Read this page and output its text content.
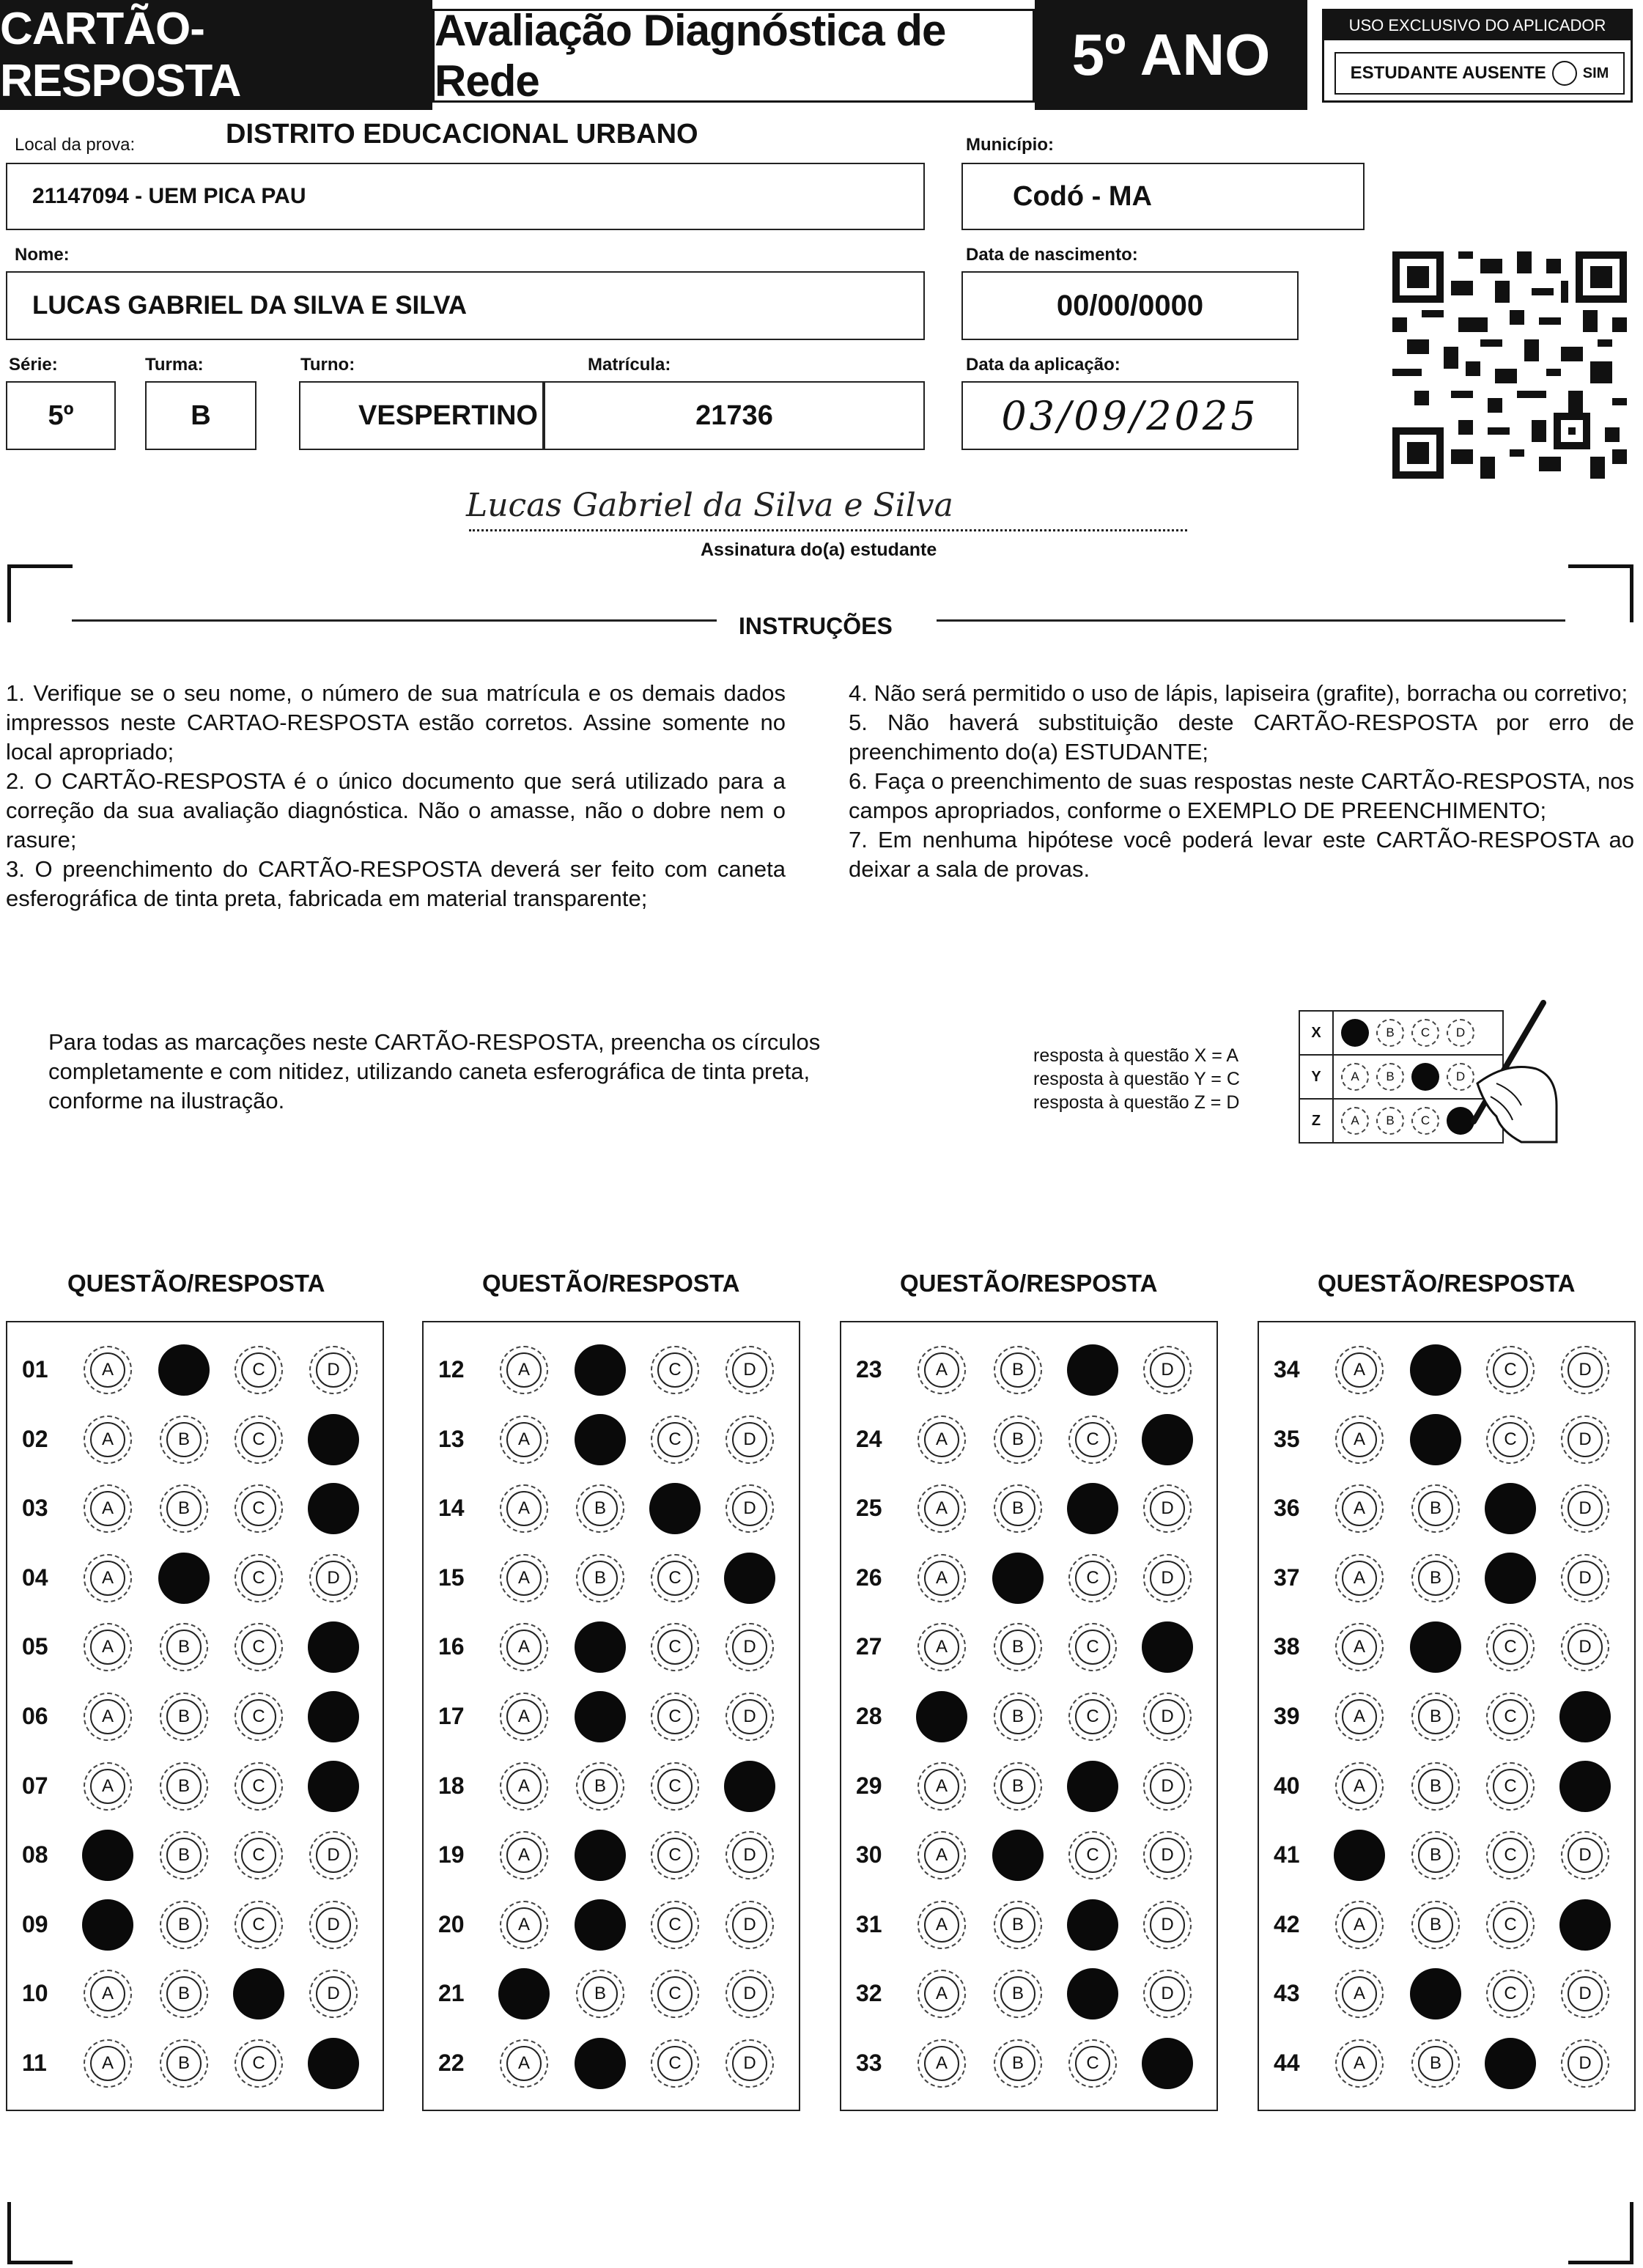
CARTÃO-RESPOSTA
Avaliação Diagnóstica de Rede	5º ANO	USO EXCLUSIVO DO APLICADOR
ESTUDANTE AUSENTE	SIM
Local da prova:	DISTRITO EDUCACIONAL URBANO
21147094 - UEM PICA PAU
Município:
Codó - MA
Nome:
LUCAS GABRIEL DA SILVA E SILVA
Data de nascimento:
00/00/0000
Série:
5º
Turma:
B
Turno:
VESPERTINO
Matrícula:
21736
Data da aplicação:
03/09/2025
Lucas Gabriel da Silva e Silva
Assinatura do(a) estudante
INSTRUÇÕES

1. Verifique se o seu nome, o número de sua matrícula e os demais dados impressos neste CARTAO-RESPOSTA estão corretos. Assine somente no local apropriado;

2. O CARTÃO-RESPOSTA é o único documento que será utilizado para a correção da sua avaliação diagnóstica. Não o amasse, não o dobre nem o rasure;

3. O preenchimento do CARTÃO-RESPOSTA deverá ser feito com caneta esferográfica de tinta preta, fabricada em material transparente;

4. Não será permitido o uso de lápis, lapiseira (grafite), borracha ou corretivo;

5. Não haverá substituição deste CARTÃO-RESPOSTA por erro de preenchimento do(a) ESTUDANTE;

6. Faça o preenchimento de suas respostas neste CARTÃO-RESPOSTA, nos campos apropriados, conforme o EXEMPLO DE PREENCHIMENTO;

7. Em nenhuma hipótese você poderá levar este CARTÃO-RESPOSTA ao deixar a sala de provas.

Para todas as marcações neste CARTÃO-RESPOSTA, preencha os círculos completamente e com nitidez, utilizando caneta esferográfica de tinta preta, conforme na ilustração.
resposta à questão X = A
resposta à questão Y = C
resposta à questão Z = D
X	B C D

Y	A B D

Z	A B C
QUESTÃO/RESPOSTA	QUESTÃO/RESPOSTA	QUESTÃO/RESPOSTA	QUESTÃO/RESPOSTA
01	A	C	D
02	A	B	C
03	A	B	C
04	A	C	D
05	A	B	C
06	A	B	C
07	A	B	C
08	B	C	D
09	B	C	D
10	A	B	D
11	A	B	C
12	A	C	D
13	A	C	D
14	A	B	D
15	A	B	C
16	A	C	D
17	A	C	D
18	A	B	C
19	A	C	D
20	A	C	D
21	B	C	D
22	A	C	D
23	A	B	D
24	A	B	C
25	A	B	D
26	A	C	D
27	A	B	C
28	B	C	D
29	A	B	D
30	A	C	D
31	A	B	D
32	A	B	D
33	A	B	C
34	A	C	D
35	A	C	D
36	A	B	D
37	A	B	D
38	A	C	D
39	A	B	C
40	A	B	C
41	B	C	D
42	A	B	C
43	A	C	D
44	A	B	D
